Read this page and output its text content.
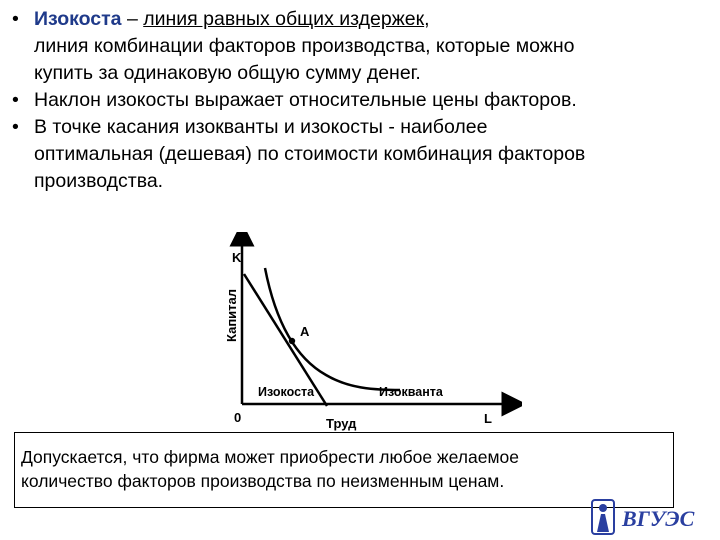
• Изокоста – линия равных общих издержек,
линия комбинации факторов производства, которые можно
купить за одинаковую общую сумму денег.
• Наклон изокосты выражает относительные цены факторов.
• В точке касания изокванты и изокосты - наиболее
оптимальная (дешевая) по стоимости комбинация факторов
производства.
K
Капитал
0	L
Труд
A
Изокоста	Изокванта
Допускается, что фирма может приобрести любое желаемое
количество факторов производства по неизменным ценам.
ВГУЭС
